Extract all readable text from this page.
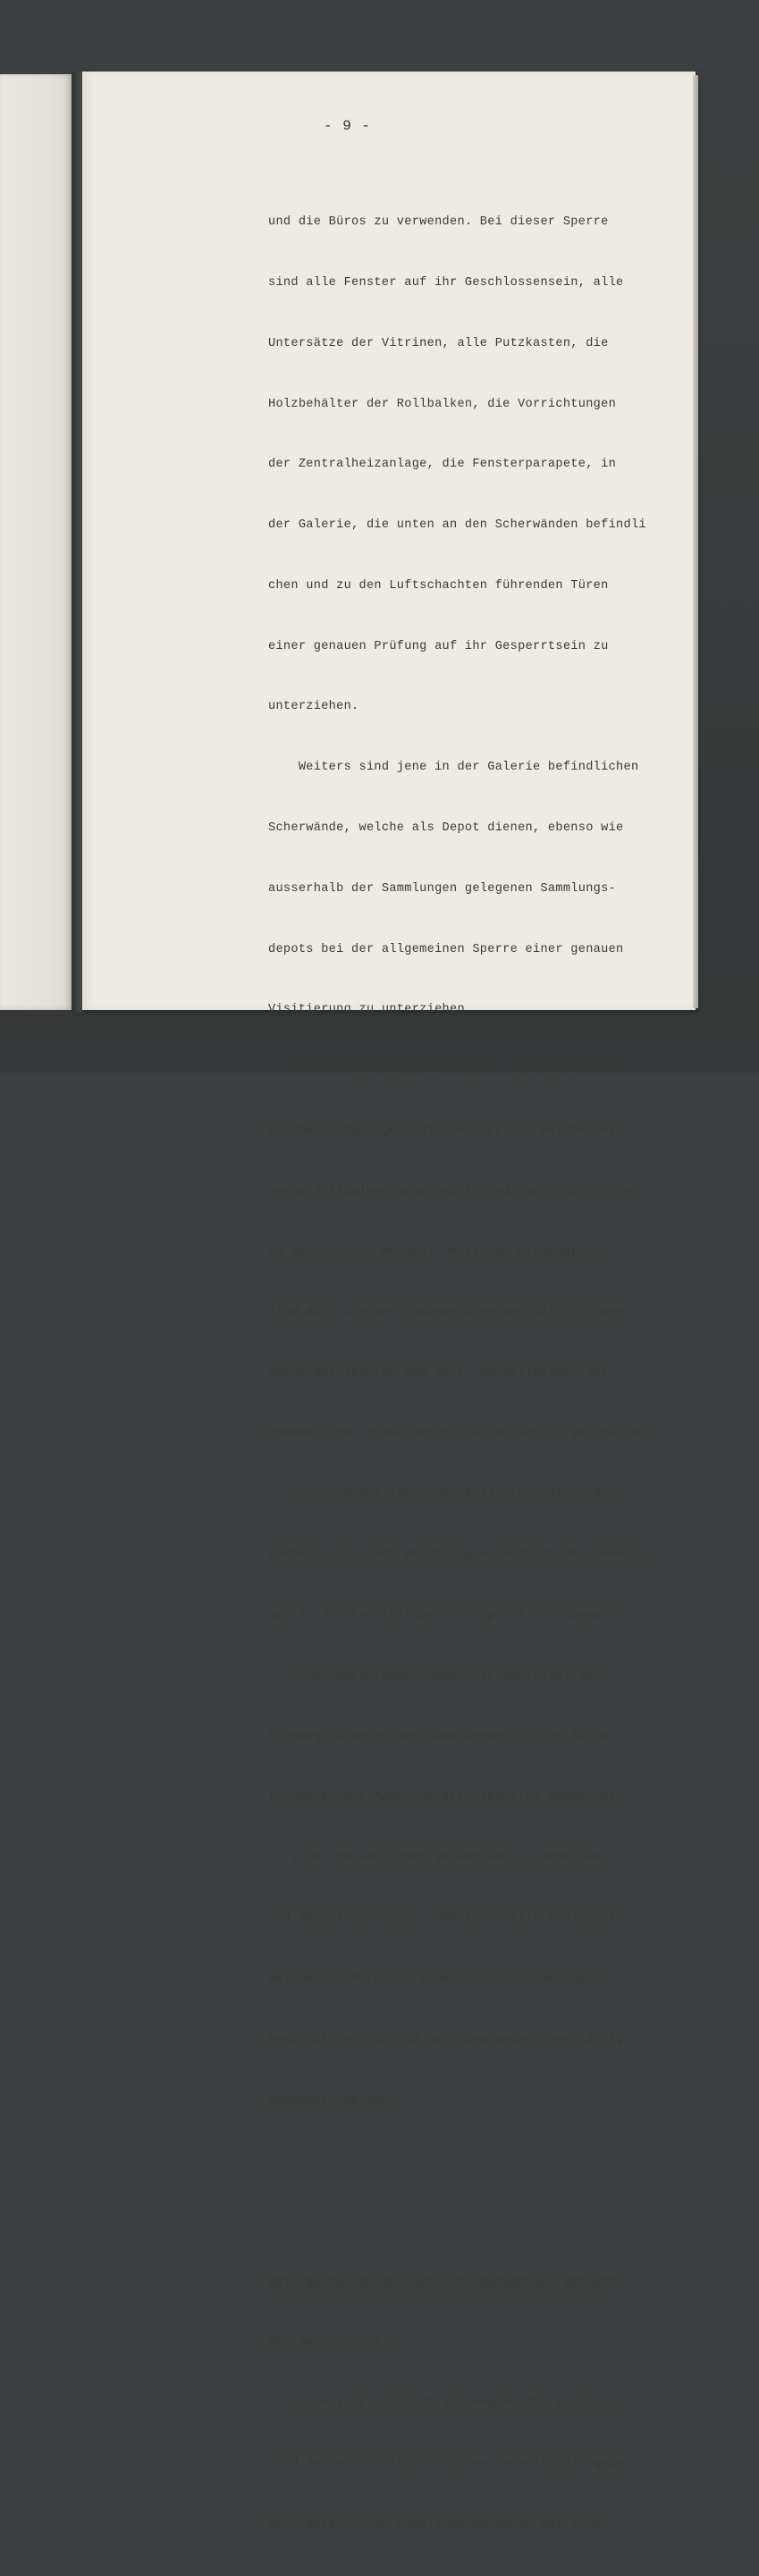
- 9 -

und die Büros zu verwenden. Bei dieser Sperre

sind alle Fenster auf ihr Geschlossensein, alle

Untersätze der Vitrinen, alle Putzkasten, die

Holzbehälter der Rollbalken, die Vorrichtungen

der Zentralheizanlage, die Fensterparapete, in

der Galerie, die unten an den Scherwänden befindli

chen und zu den Luftschachten führenden Türen

einer genauen Prüfung auf ihr Gesperrtsein zu

unterziehen.

Weiters sind jene in der Galerie befindlichen

Scherwände, welche als Depot dienen, ebenso wie

ausserhalb der Sammlungen gelegenen Sammlungs-

depots bei der allgemeinen Sperre einer genauen

Visitierung zu unterziehen.

Ferner ist dafür zu sorgen, daß die Sonnen-

plachen aufgezogen, die Fenster, an welchen ei-

serne Rollbalken angebracht sind, auch durch die-

se geschlossen werden; nebst den Eingangtüren

sind auch die Verbindungstüren der Säle mit den

Büros abzusperren und dort, wo Rollbalken vor-

handen sind, diese herabzulassen und zu versperren

Die zum Aufziehen der Rollbalken dienenden

Kurbeln sind nach Benützung ausserhalb der Sammlun

gen in den Kanzleiräumen versperrt aufzubewahren.

Die Oberaufseher haben die Schlüssel der

Eingangstüren zu den Sammlungen bis zur Ablie-

ferung an die Administrationskanzlei unbedingt

in ihrer persönlichen Verwahrung zu behalten

und darauf zu achten, daß ihnen alle Schlüssel,

welche das Personal innerhalb der Sammlungen

benötigt, vor Schluß der Sammlungen zuverlässig

abgegeben werden.

Obliegenheiten des Aufsichtspersonales während

der Besuchszeit:

Eine Viertelstunde vor Beginn des Einlasses

wird das erste Glockenzeichen im Vestibüle gege-

ben, worauf sich sämtliche Aufseher auf ihre
